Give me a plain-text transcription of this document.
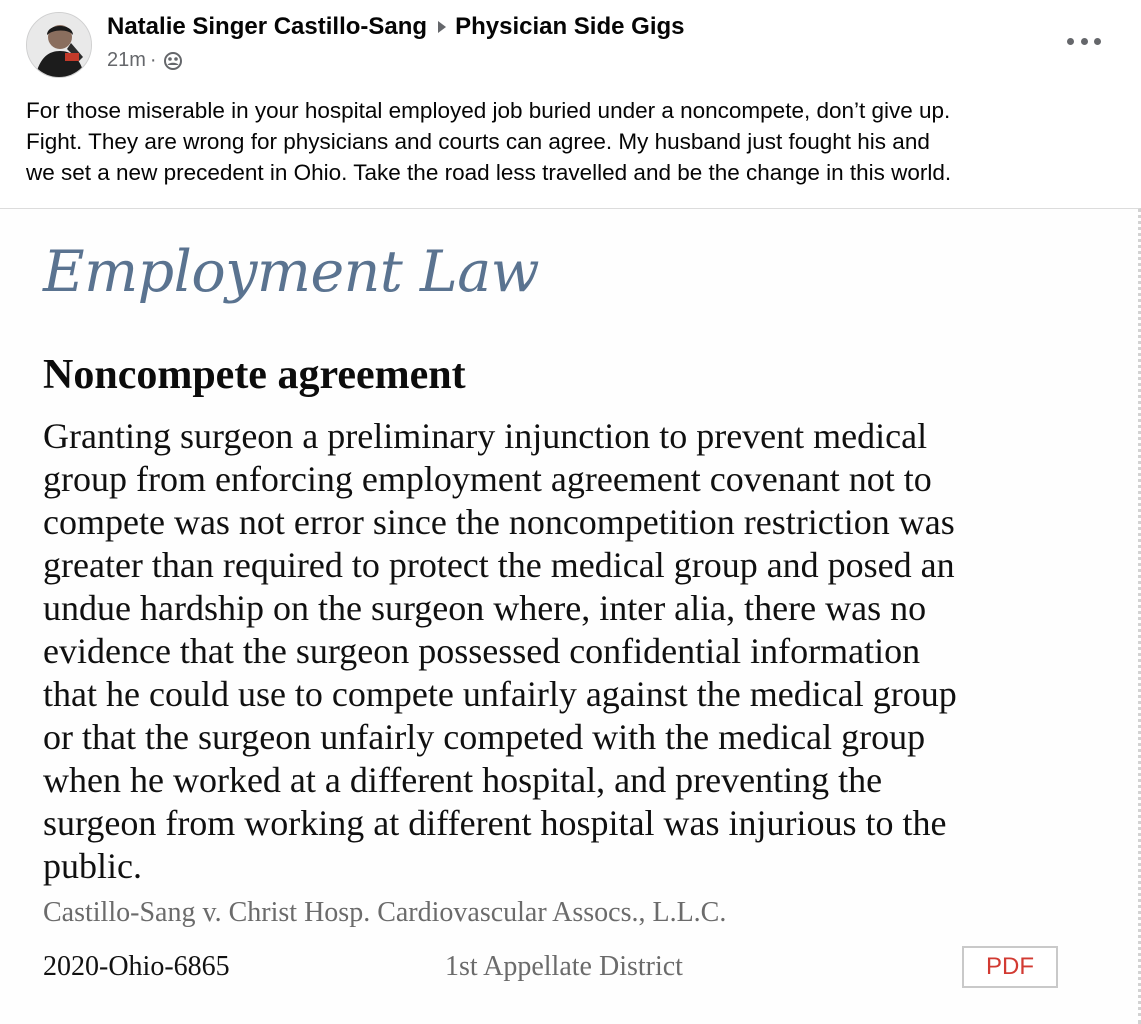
Natalie Singer Castillo-Sang Physician Side Gigs
21m ·

For those miserable in your hospital employed job buried under a noncompete, don’t give up.

Fight. They are wrong for physicians and courts can agree. My husband just fought his and

we set a new precedent in Ohio. Take the road less travelled and be the change in this world.

Employment Law
Noncompete agreement

Granting surgeon a preliminary injunction to prevent medical

group from enforcing employment agreement covenant not to

compete was not error since the noncompetition restriction was

greater than required to protect the medical group and posed an

undue hardship on the surgeon where, inter alia, there was no

evidence that the surgeon possessed confidential information

that he could use to compete unfairly against the medical group

or that the surgeon unfairly competed with the medical group

when he worked at a different hospital, and preventing the

surgeon from working at different hospital was injurious to the

public.

Castillo-Sang v. Christ Hosp. Cardiovascular Assocs., L.L.C.
2020-Ohio-6865	1st Appellate District	PDF
